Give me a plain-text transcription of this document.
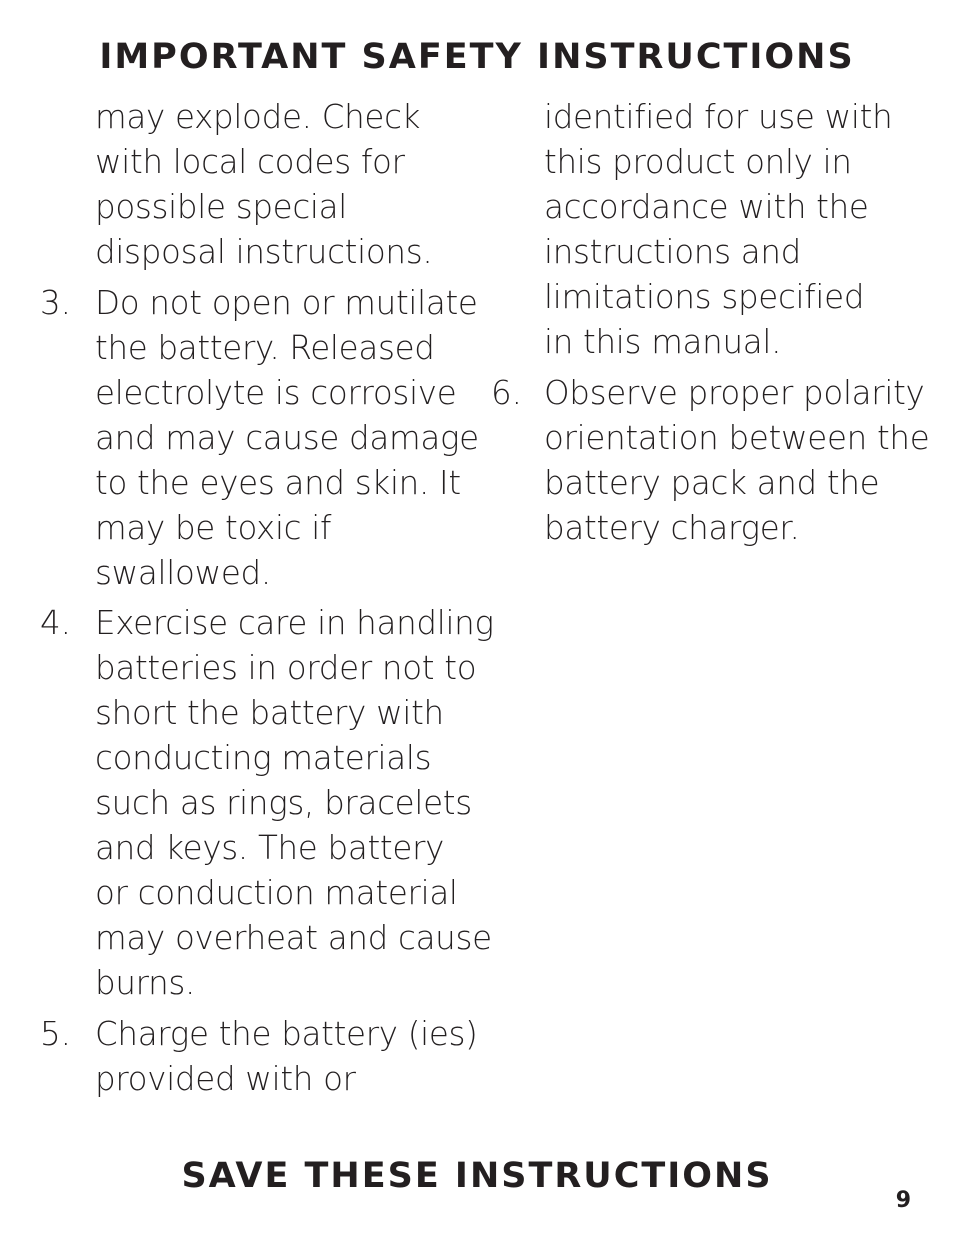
IMPORTANT SAFETY INSTRUCTIONS
may explode. Check
with local codes for
possible special
disposal instructions.
3. Do not open or mutilate
the battery. Released
electrolyte is corrosive
and may cause damage
to the eyes and skin. It
may be toxic if
swallowed.
4. Exercise care in handling
batteries in order not to
short the battery with
conducting materials
such as rings, bracelets
and keys. The battery
or conduction material
may overheat and cause
burns.
5. Charge the battery (ies)
provided with or
identified for use with
this product only in
accordance with the
instructions and
limitations specified
in this manual.
6. Observe proper polarity
orientation between the
battery pack and the
battery charger.
SAVE THESE INSTRUCTIONS
9
